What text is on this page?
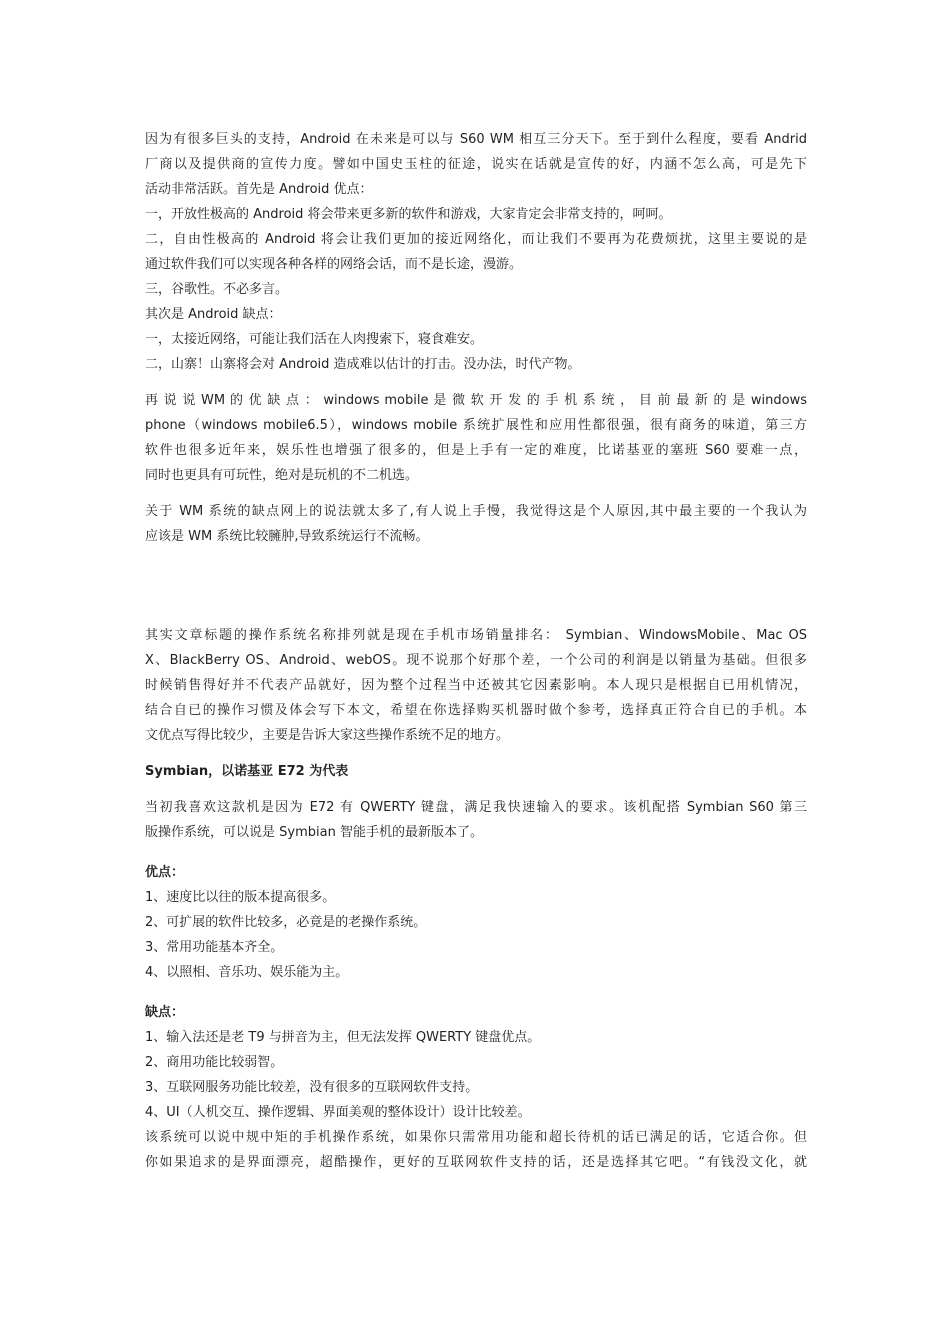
因为有很多巨头的支持，Android 在未来是可以与 S60 WM 相互三分天下。至于到什么程度，要看 Andrid
厂商以及提供商的宣传力度。譬如中国史玉柱的征途，说实在话就是宣传的好，内涵不怎么高，可是先下
活动非常活跃。首先是 Android 优点：
一，开放性极高的 Android 将会带来更多新的软件和游戏，大家肯定会非常支持的，呵呵。
二，自由性极高的 Android 将会让我们更加的接近网络化，而让我们不要再为花费烦扰，这里主要说的是
通过软件我们可以实现各种各样的网络会话，而不是长途，漫游。
三，谷歌性。不必多言。
其次是 Android 缺点：
一，太接近网络，可能让我们活在人肉搜索下，寝食难安。
二，山寨！山寨将会对 Android 造成难以估计的打击。没办法，时代产物。
再 说 说 WM 的 优 缺 点 ： windows mobile 是 微 软 开 发 的 手 机 系 统 ， 目 前 最 新 的 是 windows
phone（windows mobile6.5），windows mobile 系统扩展性和应用性都很强，很有商务的味道，第三方
软件也很多近年来，娱乐性也增强了很多的，但是上手有一定的难度，比诺基亚的塞班 S60 要难一点，
同时也更具有可玩性，绝对是玩机的不二机选。
关于 WM 系统的缺点网上的说法就太多了,有人说上手慢，我觉得这是个人原因,其中最主要的一个我认为
应该是 WM 系统比较臃肿,导致系统运行不流畅。
其实文章标题的操作系统名称排列就是现在手机市场销量排名： Symbian、WindowsMobile、Mac OS
X、BlackBerry OS、Android、webOS。现不说那个好那个差，一个公司的利润是以销量为基础。但很多
时候销售得好并不代表产品就好，因为整个过程当中还被其它因素影响。本人现只是根据自已用机情况，
结合自已的操作习惯及体会写下本文，希望在你选择购买机器时做个参考，选择真正符合自已的手机。本
文优点写得比较少，主要是告诉大家这些操作系统不足的地方。
Symbian，以诺基亚 E72 为代表
当初我喜欢这款机是因为 E72 有 QWERTY 键盘，满足我快速输入的要求。该机配搭 Symbian S60 第三
版操作系统，可以说是 Symbian 智能手机的最新版本了。
优点：
1、速度比以往的版本提高很多。
2、可扩展的软件比较多，必竟是的老操作系统。
3、常用功能基本齐全。
4、以照相、音乐功、娱乐能为主。
缺点：
1、输入法还是老 T9 与拼音为主，但无法发挥 QWERTY 键盘优点。
2、商用功能比较弱智。
3、互联网服务功能比较差，没有很多的互联网软件支持。
4、UI（人机交互、操作逻辑、界面美观的整体设计）设计比较差。
该系统可以说中规中矩的手机操作系统，如果你只需常用功能和超长待机的话已满足的话，它适合你。但
你如果追求的是界面漂亮，超酷操作，更好的互联网软件支持的话，还是选择其它吧。“有钱没文化，就
